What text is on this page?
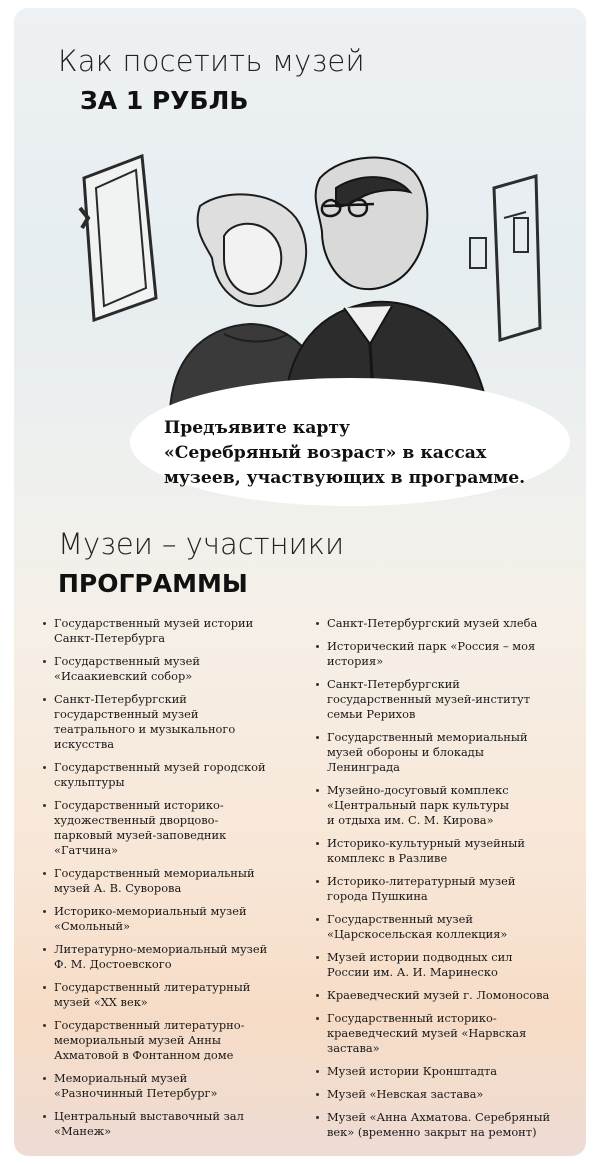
Как посетить музей
ЗА 1 РУБЛЬ
Предъявите карту
«Серебряный возраст» в кассах
музеев, участвующих в программе.
Музеи – участники
ПРОГРАММЫ
Государственный музей истории
Санкт-Петербурга
Государственный музей
«Исаакиевский собор»
Санкт-Петербургский
государственный музей
театрального и музыкального
искусства
Государственный музей городской
скульптуры
Государственный историко-
художественный дворцово-
парковый музей-заповедник
«Гатчина»
Государственный мемориальный
музей А. В. Суворова
Историко-мемориальный музей
«Смольный»
Литературно-мемориальный музей
Ф. М. Достоевского
Государственный литературный
музей «XX век»
Государственный литературно-
мемориальный музей Анны
Ахматовой в Фонтанном доме
Мемориальный музей
«Разночинный Петербург»
Центральный выставочный зал
«Манеж»
Санкт-Петербургский музей хлеба
Исторический парк «Россия – моя
история»
Санкт-Петербургский
государственный музей-институт
семьи Рерихов
Государственный мемориальный
музей обороны и блокады
Ленинграда
Музейно-досуговый комплекс
«Центральный парк культуры
и отдыха им. С. М. Кирова»
Историко-культурный музейный
комплекс в Разливе
Историко-литературный музей
города Пушкина
Государственный музей
«Царскосельская коллекция»
Музей истории подводных сил
России им. А. И. Маринеско
Краеведческий музей г. Ломоносова
Государственный историко-
краеведческий музей «Нарвская
застава»
Музей истории Кронштадта
Музей «Невская застава»
Музей «Анна Ахматова. Серебряный
век» (временно закрыт на ремонт)
